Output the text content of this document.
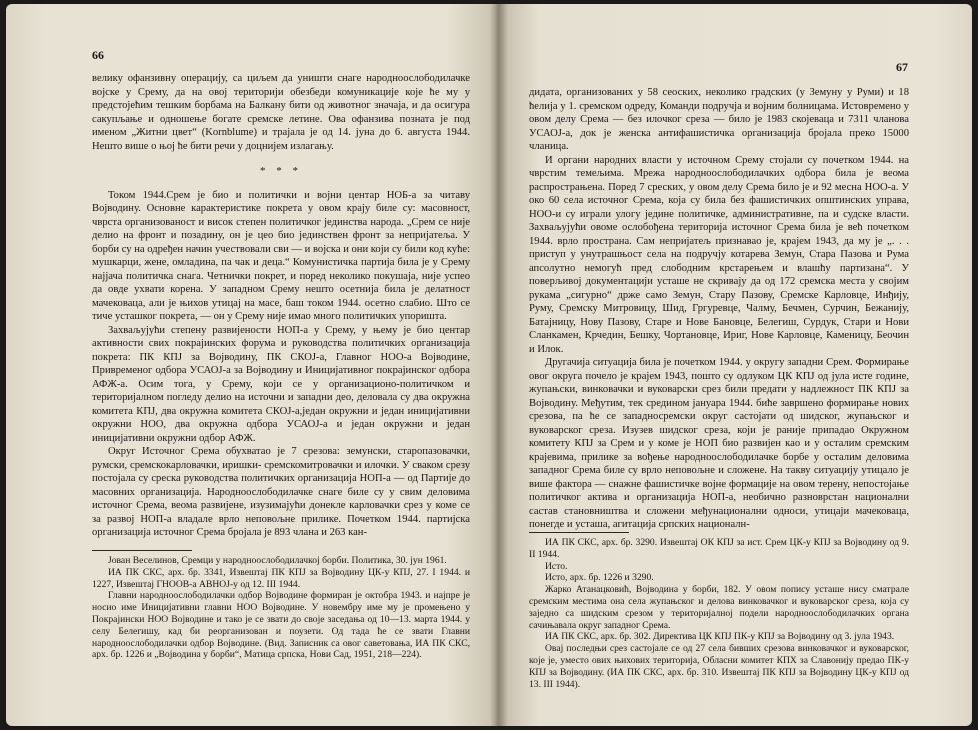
66

велику офанзивну операцију, са циљем да уништи снаге народноослободилачке војске у Срему, да на овој територији обезбеди комуникације које ће му у предстојећим тешким борбама на Балкану бити од животног значаја, и да осигура сакупљање и одношење богате сремске летине. Ова офанзива позната је под именом „Житни цвет“ (Kornblume) и трајала је од 14. јуна до 6. августа 1944. Нешто више о њој ће бити речи у доцнијем излагању.

* * *

Током 1944.Срем је био и политички и војни центар НОБ-а за читаву Војводину. Основне карактеристике покрета у овом крају биле су: масовност, чврста организованост и висок степен политичког јединства народа. „Срем се није делио на фронт и позадину, он је цео био јединствен фронт за непријатеља. У борби су на одређен начин учествовали сви — и војска и они који су били код куће: мушкарци, жене, омладина, па чак и деца.“ Комунистичка партија била је у Срему најјача политичка снага. Четнички покрет, и поред неколико покушаја, није успео да овде ухвати корена. У западном Срему нешто осетнија била је делатност мачековаца, али је њихов утицај на масе, баш током 1944. осетно слабио. Што се тиче усташког покрета, — он у Срему није имао много политичких упоришта.

Захваљујући степену развијености НОП-а у Срему, у њему је био центар активности свих покрајинских форума и руководства политичких организација покрета: ПК КПЈ за Војводину, ПК СКОЈ-а, Главног НОО-а Војводине, Привременог одбора УСАОЈ-а за Војводину и Иницијативног покрајинског одбора АФЖ-а. Осим тога, у Срему, који се у организационо-политичком и територијалном погледу делио на источни и западни део, деловала су два окружна комитета КПЈ, два окружна комитета СКОЈ-а,један окружни и један иницијативни окружни НОО, два окружна одбора УСАОЈ-а и један окружни и један иницијативни окружни одбор АФЖ.

Округ Источног Срема обухватао је 7 срезова: земунски, старопазовачки, румски, сремскокарловачки, иришки- сремскомитровачки и илочки. У сваком срезу постојала су среска руководства политичких организација НОП-а — од Партије до масовних организација. Народноослободилачке снаге биле су у свим деловима источног Срема, веома развијене, изузимајући донекле карловачки срез у коме се за развој НОП-а владале врло неповољне прилике. Почетком 1944. партијска организација источног Срема бројала је 893 члана и 263 кан-

Јован Веселинов, Сремци у народноослободилачкој борби. Политика, 30. јун 1961.

ИА ПК СКС, арх. бр. 3341, Извештај ПК КПЈ за Војводину ЦК-у КПЈ, 27. I 1944. и 1227, Извештај ГНООВ-а АВНОЈ-у од 12. III 1944.

Главни народноослободилачки одбор Војводине формиран је октобра 1943. и најпре је носио име Иницијативни главни НОО Војводине. У новембру име му је промењено у Покрајински НОО Војводине и тако је се звати до своје заседања од 10—13. марта 1944. у селу Белегишу, кад би реорганизован и поузети. Од тада ће се звати Главни народноослободилачки одбор Војводине. (Вид. Записник са овог саветовања, ИА ПК СКС, арх. бр. 1226 и „Војводина у борби“, Матица српска, Нови Сад, 1951, 218—224).

67

дидата, организованих у 58 сеоских, неколико градских (у Земуну у Руми) и 18 ћелија у 1. сремском одреду, Команди подручја и војним болницама. Истовремено у овом делу Срема — без илочког среза — било је 1983 скојеваца и 7311 чланова УСАОЈ-а, док је женска антифашистичка организација бројала преко 15000 чланица.

И органи народних власти у источном Срему стојали су почетком 1944. на чврстим темељима. Мрежа народноослободилачких одбора била је веома распрострањена. Поред 7 среских, у овом делу Срема било је и 92 месна НОО-а. У око 60 села источног Срема, која су била без фашистичких општинских управа, НОО-и су играли улогу једине политичке, административне, па и судске власти. Захваљујући овоме ослобођена територија источног Срема била је већ почетком 1944. врло пространа. Сам непријатељ признавао је, крајем 1943, да му је „. . . приступ у унутрашњост села на подручју котарева Земун, Стара Пазова и Рума апсолутно немогућ пред слободним крстарењем и влашћу партизана“. У поверљивој документацији усташе не скривају да од 172 сремска места у својим рукама „сигурно“ држе само Земун, Стару Пазову, Сремске Карловце, Инђију, Руму, Сремску Митровицу, Шид, Гргуревце, Чалму, Бечмен, Сурчин, Бежанију, Батајницу, Нову Пазову, Старе и Нове Бановце, Белегиш, Сурдук, Стари и Нови Сланкамен, Крчедин, Бешку, Чортановце, Ириг, Нове Карловце, Каменицу, Беочин и Илок.

Другачија ситуација била је почетком 1944. у округу западни Срем. Формирање овог округа почело је крајем 1943, пошто су одлуком ЦК КПЈ од јула исте године, жупањски, винковачки и вуковарски срез били предати у надлежност ПК КПЈ за Војводину. Међутим, тек средином јануара 1944. биће завршено формирање нових срезова, па ће се западносремски округ састојати од шидског, жупањског и вуковарског среза. Изузев шидског среза, који је раније припадао Окружном комитету КПЈ за Срем и у коме је НОП био развијен као и у осталим сремским крајевима, прилике за вођење народноослободилачке борбе у осталим деловима западног Срема биле су врло неповољне и сложене. На такву ситуацију утицало је више фактора — снажне фашистичке војне формације на овом терену, непостојање политичког актива и организација НОП-а, необично разноврстан национални састав становништва и сложени међунационални односи, утицаји мачековаца, понегде и усташа, агитација српских националн-

ИА ПК СКС, арх. бр. 3290. Извештај ОК КПЈ за ист. Срем ЦК-у КПЈ за Војводину од 9. II 1944.

Исто.

Исто, арх. бр. 1226 и 3290.

Жарко Атанацковић, Војводина у борби, 182. У овом попису усташе нису сматрале сремским местима она села жупањског и делова винковачког и вуковарског среза, која су заједно са шидским срезом у територијалној подели народноослободилачких органа сачињавала округ западног Срема.

ИА ПК СКС, арх. бр. 302. Директива ЦК КПЈ ПК-у КПЈ за Војводину од 3. јула 1943.

Овај последњи срез састојале се од 27 села бивших срезова винковачког и вуковарског, које је, уместо ових њихових територија, Обласни комитет КПХ за Славонију предао ПК-у КПЈ за Војводину. (ИА ПК СКС, арх. бр. 310. Извештај ПК КПЈ за Војводину ЦК-у КПЈ од 13. III 1944).
